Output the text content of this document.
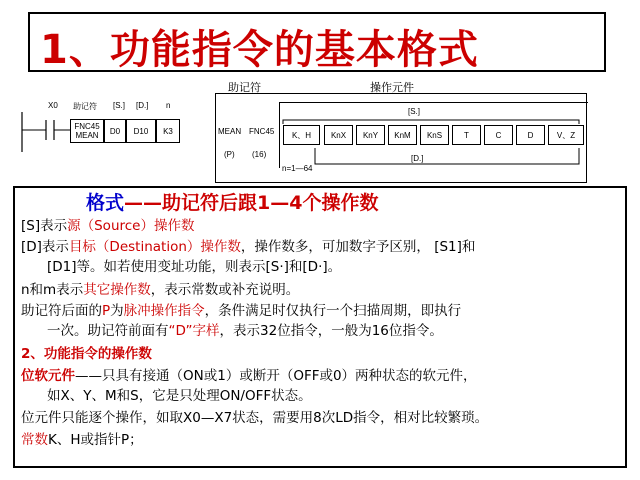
1、功能指令的基本格式
X0 助记符 [S.] [D.] n
FNC45
MEAN	D0	D10	K3
助记符	操作元件
MEAN FNC45
(P) (16)
[S.]
K、H	KnX	KnY	KnM	KnS	T	C	D	V、Z
[D.]
n=1—64
格式——助记符后跟1—4个操作数
[S]表示源（Source）操作数
[D]表示目标（Destination）操作数，操作数多，可加数字予区别， [S1]和
[D1]等。如若使用变址功能，则表示[S·]和[D·]。
n和m表示其它操作数，表示常数或补充说明。
助记符后面的P为脉冲操作指令，条件满足时仅执行一个扫描周期，即执行
一次。助记符前面有“D”字样，表示32位指令，一般为16位指令。
2、功能指令的操作数
位软元件——只具有接通（ON或1）或断开（OFF或0）两种状态的软元件，
如X、Y、M和S，它是只处理ON/OFF状态。
位元件只能逐个操作，如取X0—X7状态，需要用8次LD指令，相对比较繁琐。
常数K、H或指针P；
